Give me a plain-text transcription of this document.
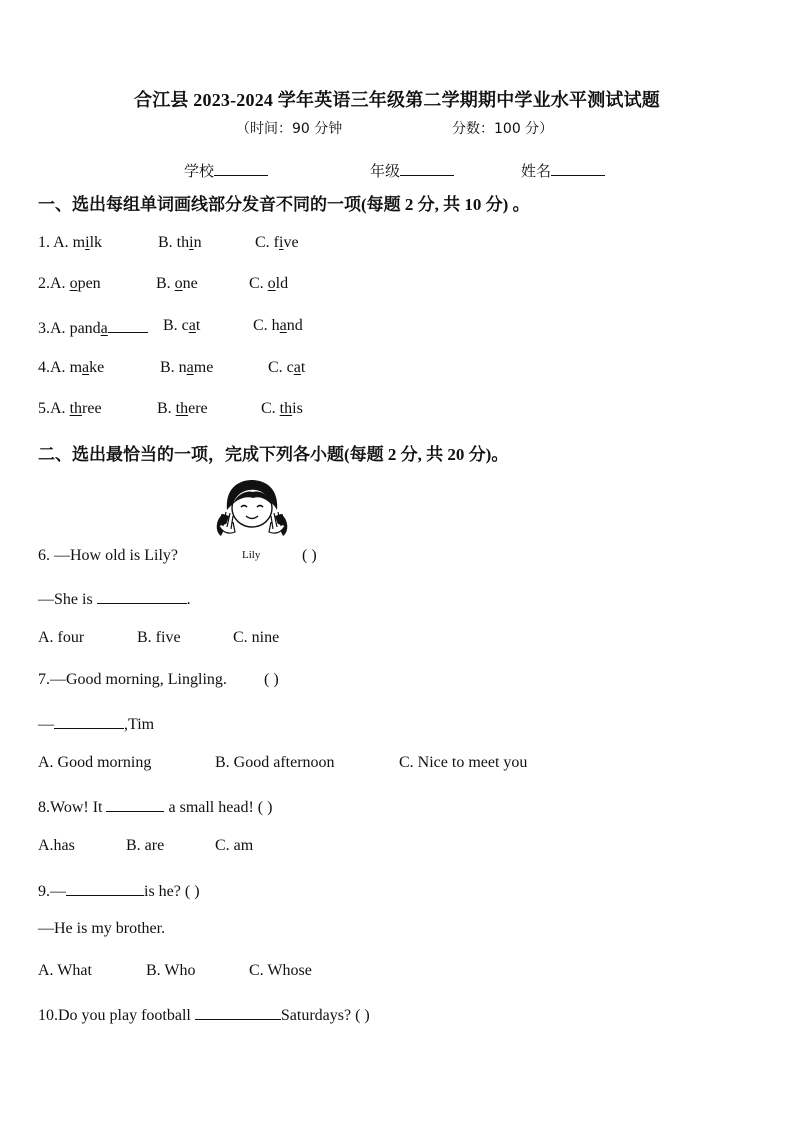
合江县 2023-2024 学年英语三年级第二学期期中学业水平测试试题
（时间：90 分钟	分数：100 分）
学校	年级	姓名
一、选出每组单词画线部分发音不同的一项(每题 2 分, 共 10 分) 。
1. A. milk	B. thin	C. five
2.A. open	B. one	C. old
3.A. panda	B. cat	C. hand
4.A. make	B. name	C. cat
5.A. three	B. there	C. this
二、选出最恰当的一项，完成下列各小题(每题 2 分, 共 20 分)。
Lily
6. —How old is Lily?	( )
—She is	.
A. four	B. five	C. nine
7.—Good morning, Lingling. ( )
—	,Tim
A. Good morning	B. Good afternoon	C. Nice to meet you
8.Wow! It	a small head! ( )
A.has	B. are	C. am
9.—	is he? ( )
—He is my brother.
A. What	B. Who	C. Whose
10.Do you play football	Saturdays? ( )
